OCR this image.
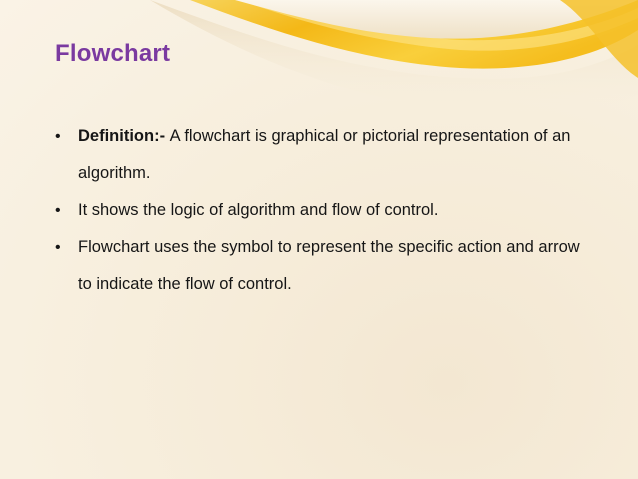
Flowchart
• Definition:- A flowchart is graphical or pictorial representation of an algorithm.
• It shows the logic of algorithm and flow of control.
• Flowchart uses the symbol to represent the specific action and arrow to indicate the flow of control.
